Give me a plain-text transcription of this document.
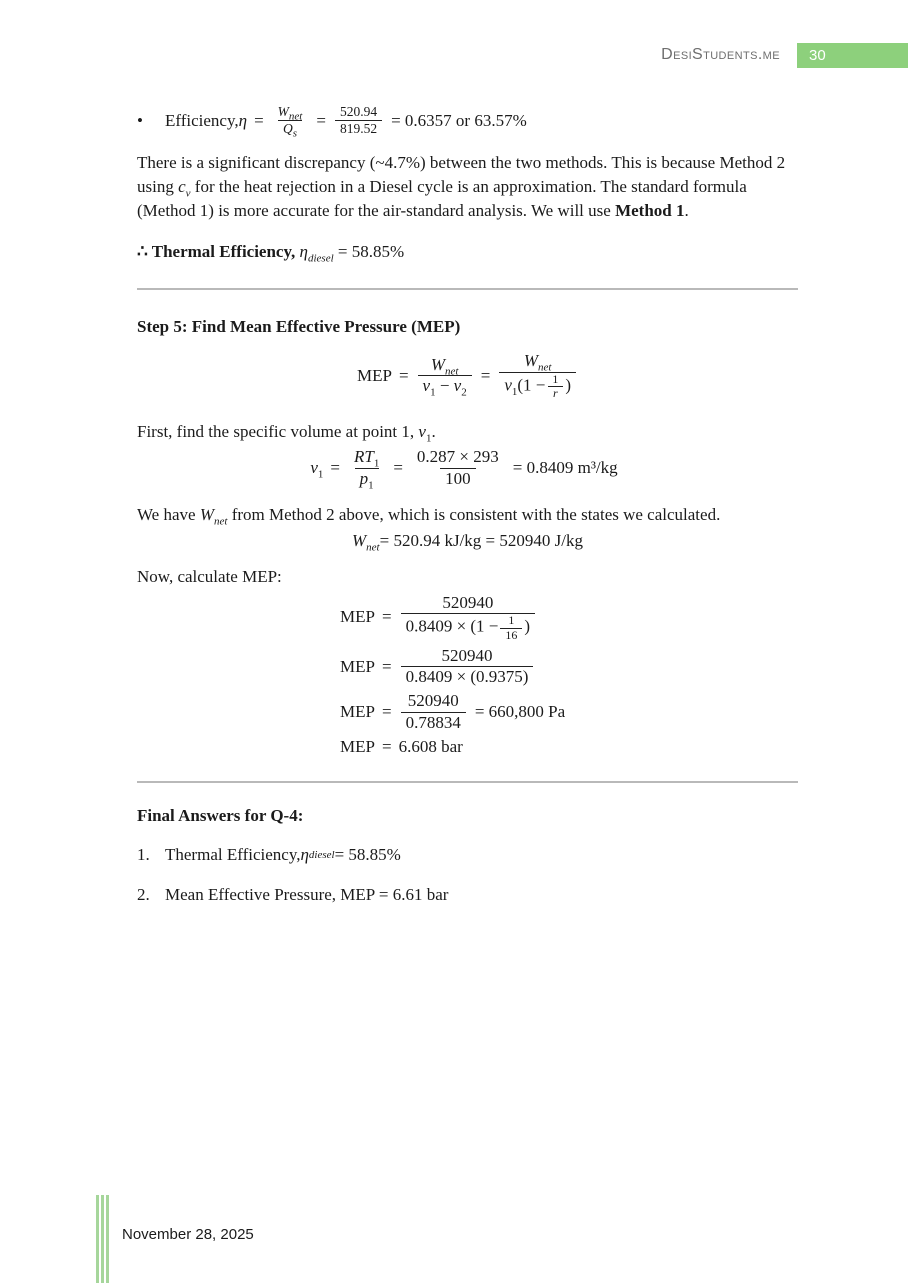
DesiStudents.me	30
•	Efficiency, $\eta = \frac{W_{net}}{Q_s} = \frac{520.94}{819.52} = 0.6357$ or 63.57%

There is a significant discrepancy (~4.7%) between the two methods. This is because Method 2 using $c_v$ for the heat rejection in a Diesel cycle is an approximation. The standard formula (Method 1) is more accurate for the air-standard analysis. We will use Method 1.

∴ Thermal Efficiency, $\eta_{diesel} = 58.85\%$

Step 5: Find Mean Effective Pressure (MEP)

MEP = $\frac{W_{net}}{v_1 - v_2} = \frac{W_{net}}{v_1(1 - \frac{1}{r} )}$

First, find the specific volume at point 1, $v_1$.

$v_1 = \frac{RT_1}{p_1} = \frac{0.287 \times 293}{100} = 0.8409$ m³/kg

We have $W_{net}$ from Method 2 above, which is consistent with the states we calculated.

$W_{net} = 520.94$ kJ/kg = 520940 J/kg

Now, calculate MEP:

MEP = $\frac{520940}{0.8409 \times (1 - \frac{1}{16} )}$
MEP = $\frac{520940}{0.8409 \times (0.9375)}$
MEP = $\frac{520940}{0.78834} = 660,800$ Pa
MEP = 6.608 bar

Final Answers for Q-4:

1. Thermal Efficiency, η diesel = 58.85%
2. Mean Effective Pressure, MEP = 6.61 bar
November 28, 2025
